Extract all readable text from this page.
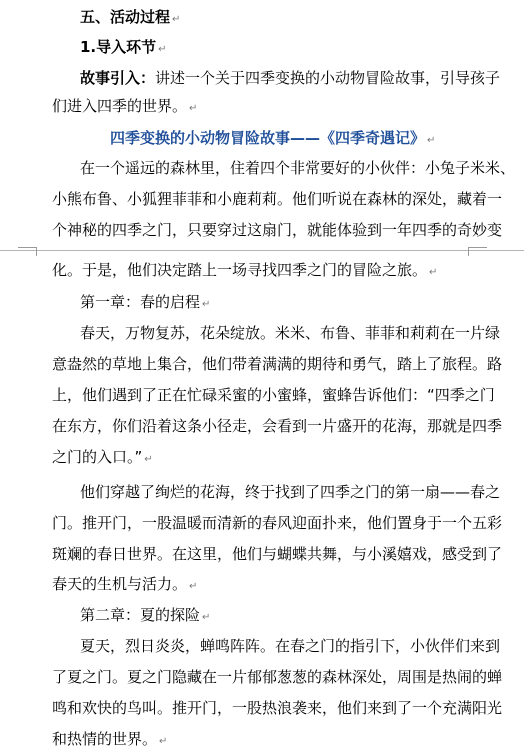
五、活动过程 ↵
1.导入环节 ↵
故事引入：讲述一个关于四季变换的小动物冒险故事，引导孩子
们进入四季的世界。 ↵
四季变换的小动物冒险故事——《四季奇遇记》 ↵
在一个遥远的森林里，住着四个非常要好的小伙伴：小兔子米米、
小熊布鲁、小狐狸菲菲和小鹿莉莉。他们听说在森林的深处，藏着一
个神秘的四季之门，只要穿过这扇门，就能体验到一年四季的奇妙变
化。于是，他们决定踏上一场寻找四季之门的冒险之旅。 ↵
第一章：春的启程 ↵
春天，万物复苏，花朵绽放。米米、布鲁、菲菲和莉莉在一片绿
意盎然的草地上集合，他们带着满满的期待和勇气，踏上了旅程。路
上，他们遇到了正在忙碌采蜜的小蜜蜂，蜜蜂告诉他们：“四季之门
在东方，你们沿着这条小径走，会看到一片盛开的花海，那就是四季
之门的入口。” ↵
他们穿越了绚烂的花海，终于找到了四季之门的第一扇——春之
门。推开门，一股温暖而清新的春风迎面扑来，他们置身于一个五彩
斑斓的春日世界。在这里，他们与蝴蝶共舞，与小溪嬉戏，感受到了
春天的生机与活力。 ↵
第二章：夏的探险 ↵
夏天，烈日炎炎，蝉鸣阵阵。在春之门的指引下，小伙伴们来到
了夏之门。夏之门隐藏在一片郁郁葱葱的森林深处，周围是热闹的蝉
鸣和欢快的鸟叫。推开门，一股热浪袭来，他们来到了一个充满阳光
和热情的世界。 ↵
